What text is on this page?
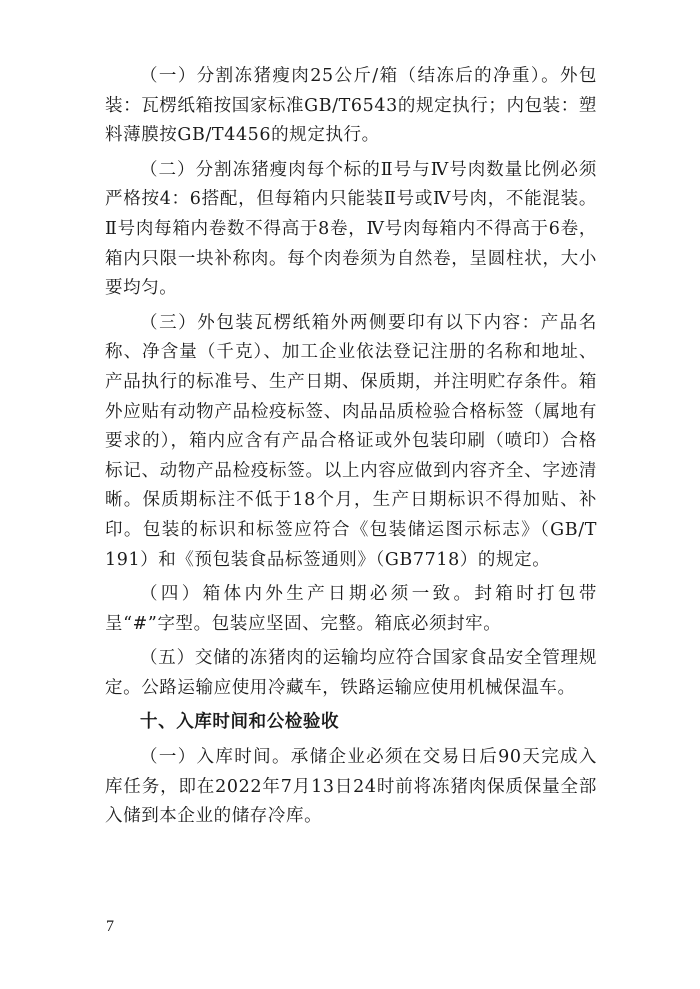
（一）分割冻猪瘦肉25公斤/箱（结冻后的净重）。外包装：瓦楞纸箱按国家标准GB/T6543的规定执行；内包装：塑料薄膜按GB/T4456的规定执行。

（二）分割冻猪瘦肉每个标的Ⅱ号与Ⅳ号肉数量比例必须严格按4：6搭配，但每箱内只能装Ⅱ号或Ⅳ号肉，不能混装。Ⅱ号肉每箱内卷数不得高于8卷，Ⅳ号肉每箱内不得高于6卷，箱内只限一块补称肉。每个肉卷须为自然卷，呈圆柱状，大小要均匀。

（三）外包装瓦楞纸箱外两侧要印有以下内容：产品名称、净含量（千克）、加工企业依法登记注册的名称和地址、产品执行的标准号、生产日期、保质期，并注明贮存条件。箱外应贴有动物产品检疫标签、肉品品质检验合格标签（属地有要求的），箱内应含有产品合格证或外包装印刷（喷印）合格标记、动物产品检疫标签。以上内容应做到内容齐全、字迹清晰。保质期标注不低于18个月，生产日期标识不得加贴、补印。包装的标识和标签应符合《包装储运图示标志》（GB/T 191）和《预包装食品标签通则》（GB7718）的规定。

（四）箱体内外生产日期必须一致。封箱时打包带呈“#”字型。包装应坚固、完整。箱底必须封牢。

（五）交储的冻猪肉的运输均应符合国家食品安全管理规定。公路运输应使用冷藏车，铁路运输应使用机械保温车。

十、入库时间和公检验收

（一）入库时间。承储企业必须在交易日后90天完成入库任务，即在2022年7月13日24时前将冻猪肉保质保量全部入储到本企业的储存冷库。

7
